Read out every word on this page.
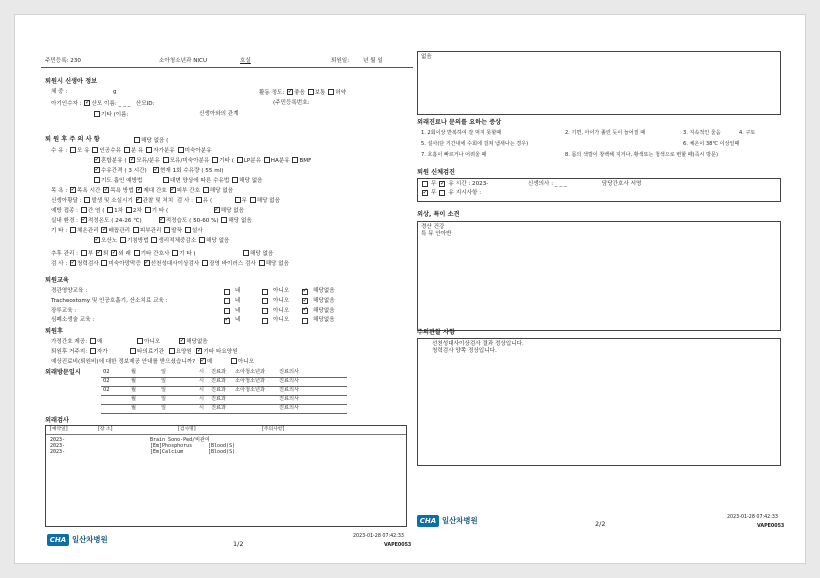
주민등록: 230	소아청소년과 NICU	호실	퇴원일: 년 월 일
퇴원시 신생아 정보
체 중 :	g	활동 정도: ✓ 좋음 보통 허약
아기인수자 : ✓ 산모 이름: _ _ _ 산모ID:	(주민등록번호:
기타 (이름:	신생아와의 관계
퇴 원 후 주 의 사 항	해당 없음 (
수 유 : 모 유 인공수유 분 유 자가분유 미숙아분유
✓혼합분유 ( ✓ 모유/분유 모유/미숙아분유 기타 ( LP분유 HA분유 BMF
✓수유간격 ( 3 시간) ✓ 현재 1회 수유량 ( 55 ml)
기도 흡인 예방법	대변 양상에 따른 수유법 해당 없음
목 욕 : ✓ 목욕 시간 ✓ 목욕 방법 ✓ 제대 간호 ✓ 피부 간호 해당 없음
신생아황달 : 발생 및 소실시기 ✓ 관찰 및 처치 검 사 : 유 (	무 해당 없음
예방 접종 : 간 염 ( 1차 2차 기 타 ( ✓	해당 없음
실내 환경 : ✓ 적정온도 ( 24-26 ℃) ✓	적정습도 ( 50-60 %) 해당 없음
기 타 : 체온관리 ✓ 배꼽관리 피부관리 딸꾹 설사
✓오산노 기침방법 생리적체중감소 해당 없음
추후 관리 : 부 ✓ 퇴 ✓ 외 래 기타 간호사 기 타 (	해당 없음
검 사 : ✓ 청력검사 미숙아망막증 ✓ 선천성대사이상검사 장영 바이러스 검사 해당 없음
퇴원교육
경관영양교육 :	네	아니오 ✓	해당없음
Tracheostomy 및 인공호흡기, 산소치료 교육 :	네	아니오 ✓	해당없음
장루교육 :	네	아니오 ✓	해당없음
심폐소생술 교육 : ✓	네	아니오	해당없음
퇴원후
가정간호 제공: 예	아니오 ✓	해당없음
퇴원후 거주지: 자가	타의료기관 요양원 ✓ 기타 타요양원
예상진료비(퇴원비)에 대한 정보제공 안내를 받으셨습니까? ✓ 예	아니오
외래방문일시	02	월	일	시	진료과	소아청소년과	진료의사
02	월	일	시	진료과	소아청소년과	진료의사
02	월	일	시	진료과	소아청소년과	진료의사
	월	일	시	진료과		진료의사
	월	일	시	진료과		진료의사
외래검사
[예약일]	[장 소]	[검사명]	[주의사항]
2023-	Brain Sono-Ped/비관여
2023-	[Em]Phosphorus	[Blood(S)
2023-	[Em]Calcium	[Blood(S)
CHA 일산차병원
1/2
2023-01-28 07:42:33
VAPE0053
없음
외래진료나 문의를 요하는 증상
1. 2회이상 반복하여 잘 먹지 못할때	2. 기면, 아이가 졸린 듯이 늘어질 때	3. 지속적인 울음	4. 구토
5. 설사(단 기간내에 수회에 걸쳐 냄새나는 경우)	6. 체온이 38℃ 이상일때
7. 호흡이 빠르거나 어려울 때	8. 몸의 색깔이 창백해 지거나, 황색또는 청색으로 변할 때(즉시 방문)
퇴원 신체검진
무 ✓ 유 시간 : 2023-	신생의사 : _ _ _	담당간호사 서명
✓
무 유 지시사항 :
외상, 특이 소견
경산 건강
특 뮤 안아반
주의관찰 사항
선천성대사이상검사 결과 정상입니다.
청력검사 양쪽 정상입니다.
CHA 일산차병원	2/2
2023-01-28 07:42:33
VAPE0053
